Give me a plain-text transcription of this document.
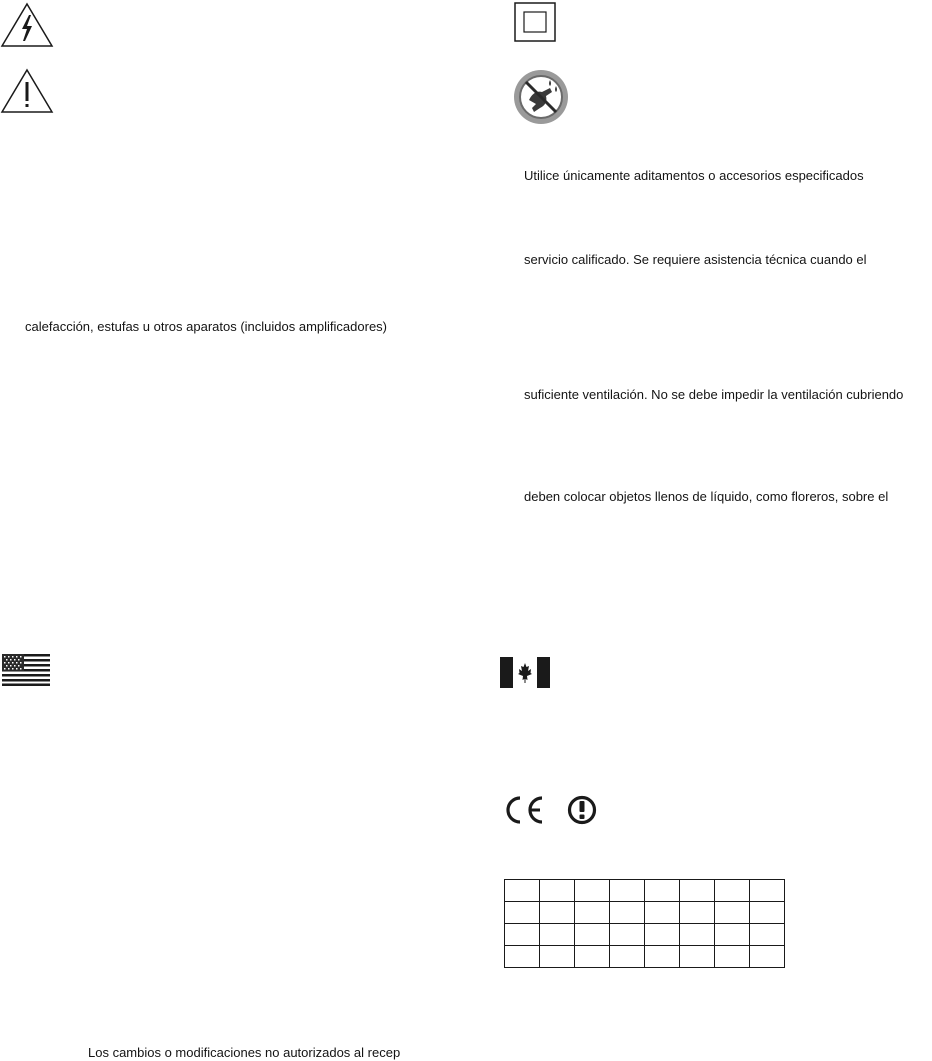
Utilice únicamente aditamentos o accesorios especificados
servicio calificado. Se requiere asistencia técnica cuando el
suficiente ventilación. No se debe impedir la ventilación cubriendo
deben colocar objetos llenos de líquido, como floreros, sobre el
calefacción, estufas u otros aparatos (incluidos amplificadores)
Los cambios o modificaciones no autorizados al recep
